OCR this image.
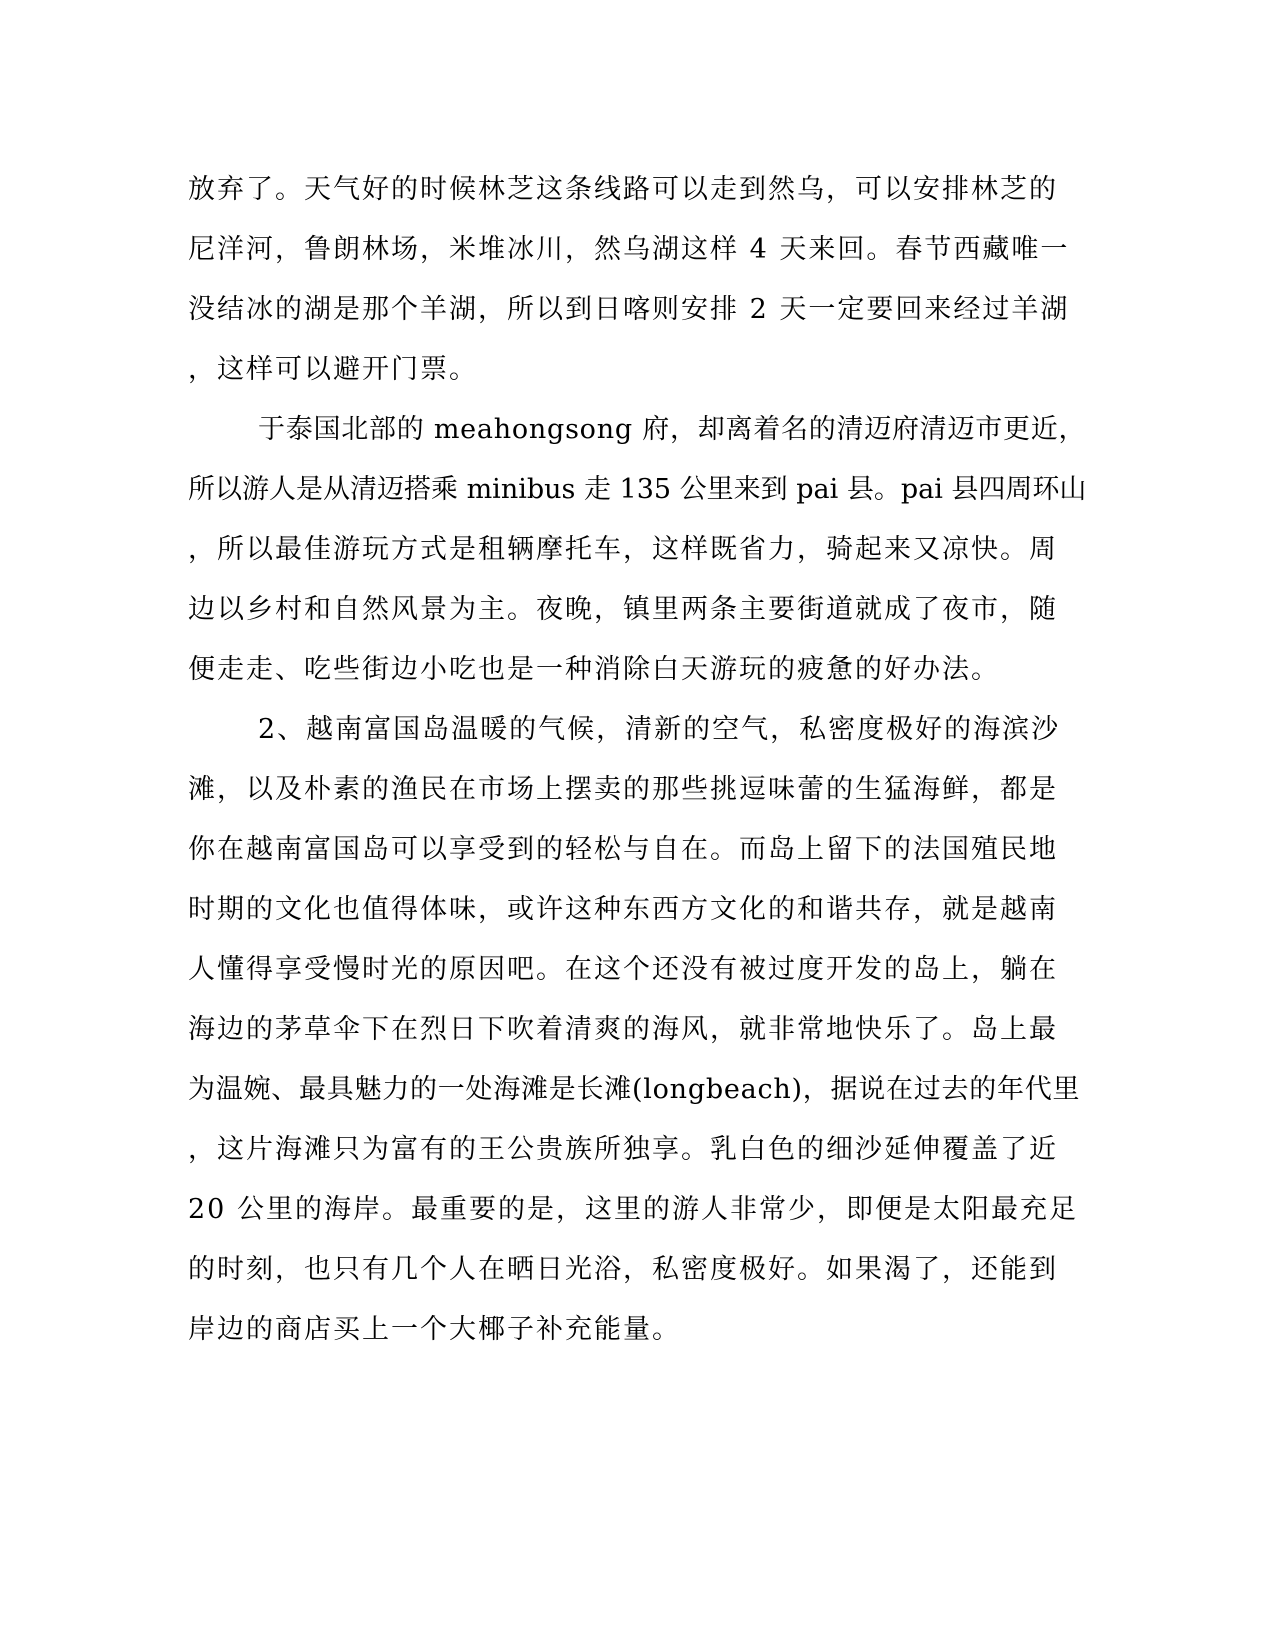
放弃了。天气好的时候林芝这条线路可以走到然乌，可以安排林芝的
尼洋河，鲁朗林场，米堆冰川，然乌湖这样 4 天来回。春节西藏唯一
没结冰的湖是那个羊湖，所以到日喀则安排 2 天一定要回来经过羊湖
，这样可以避开门票。
于泰国北部的 meahongsong 府，却离着名的清迈府清迈市更近，
所以游人是从清迈搭乘 minibus 走 135 公里来到 pai 县。pai 县四周环山
，所以最佳游玩方式是租辆摩托车，这样既省力，骑起来又凉快。周
边以乡村和自然风景为主。夜晚，镇里两条主要街道就成了夜市，随
便走走、吃些街边小吃也是一种消除白天游玩的疲惫的好办法。
2、越南富国岛温暖的气候，清新的空气，私密度极好的海滨沙
滩，以及朴素的渔民在市场上摆卖的那些挑逗味蕾的生猛海鲜，都是
你在越南富国岛可以享受到的轻松与自在。而岛上留下的法国殖民地
时期的文化也值得体味，或许这种东西方文化的和谐共存，就是越南
人懂得享受慢时光的原因吧。在这个还没有被过度开发的岛上，躺在
海边的茅草伞下在烈日下吹着清爽的海风，就非常地快乐了。岛上最
为温婉、最具魅力的一处海滩是长滩(longbeach)，据说在过去的年代里
，这片海滩只为富有的王公贵族所独享。乳白色的细沙延伸覆盖了近
20 公里的海岸。最重要的是，这里的游人非常少，即便是太阳最充足
的时刻，也只有几个人在晒日光浴，私密度极好。如果渴了，还能到
岸边的商店买上一个大椰子补充能量。
